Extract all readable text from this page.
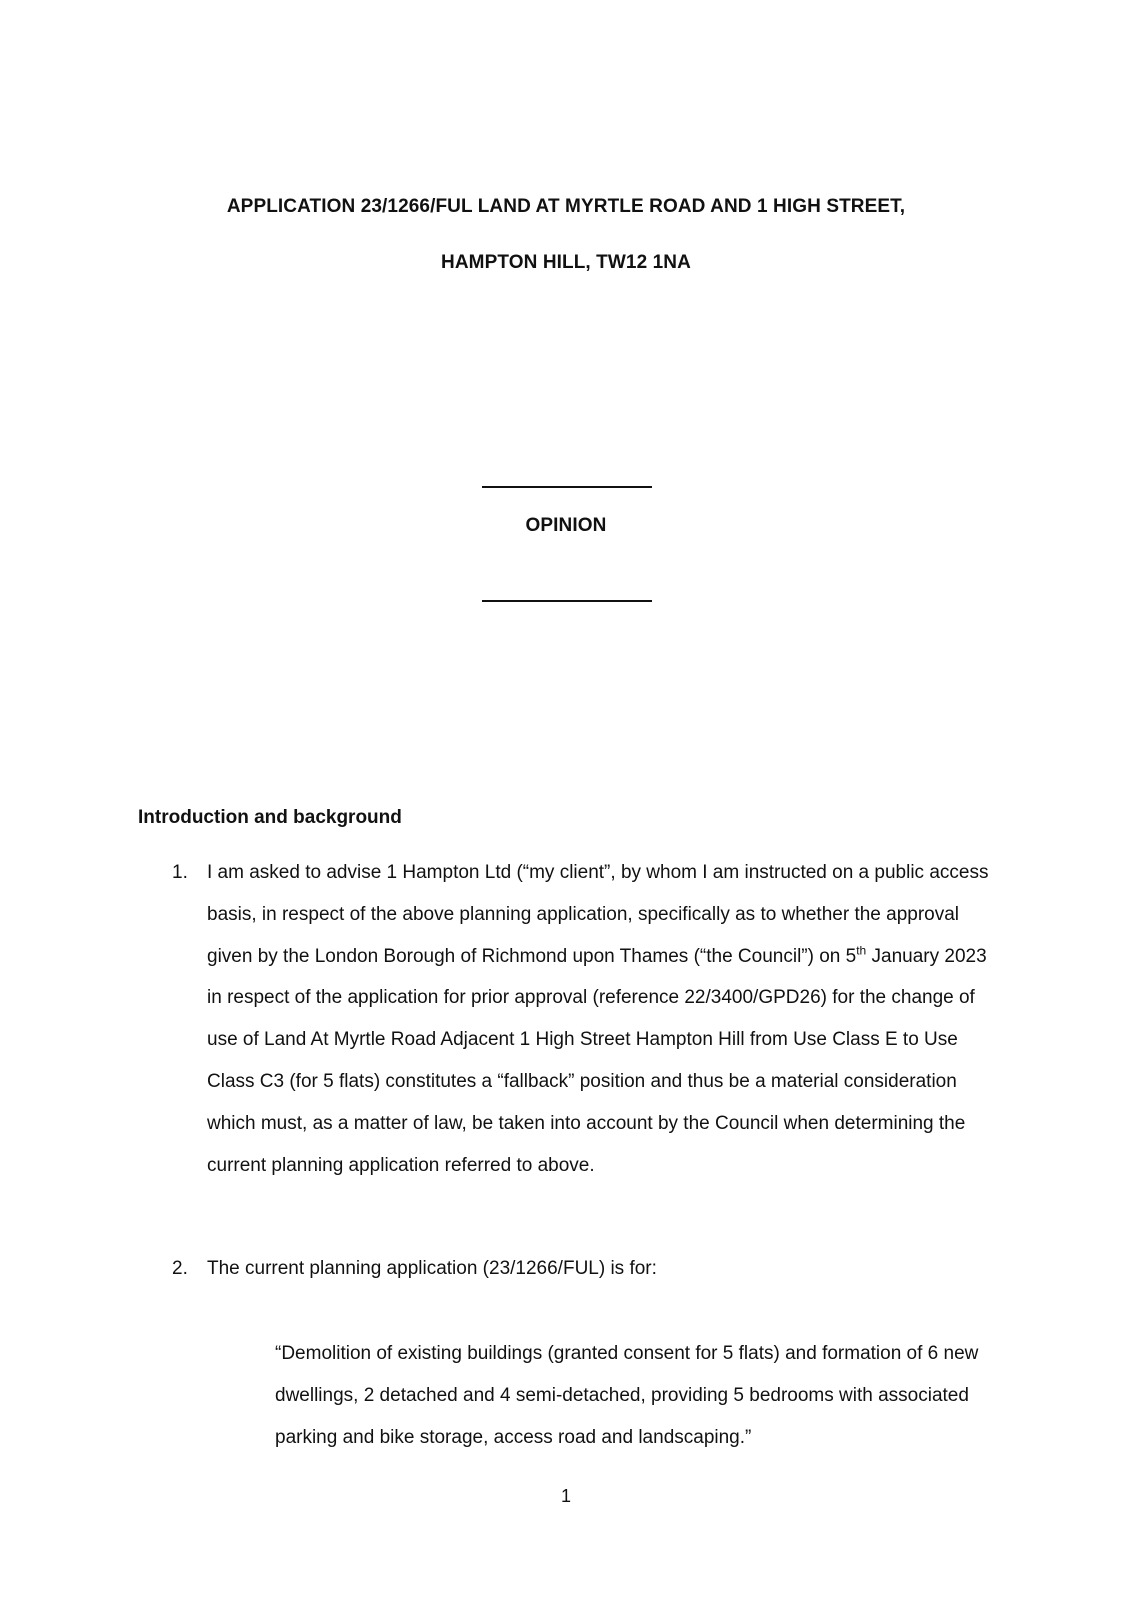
APPLICATION 23/1266/FUL LAND AT MYRTLE ROAD AND 1 HIGH STREET,
HAMPTON HILL, TW12 1NA
OPINION
Introduction and background
1. I am asked to advise 1 Hampton Ltd (“my client”, by whom I am instructed on a public access basis, in respect of the above planning application, specifically as to whether the approval given by the London Borough of Richmond upon Thames (“the Council”) on 5th January 2023 in respect of the application for prior approval (reference 22/3400/GPD26) for the change of use of Land At Myrtle Road Adjacent 1 High Street Hampton Hill from Use Class E to Use Class C3 (for 5 flats) constitutes a “fallback” position and thus be a material consideration which must, as a matter of law, be taken into account by the Council when determining the current planning application referred to above.
2. The current planning application (23/1266/FUL) is for:
“Demolition of existing buildings (granted consent for 5 flats) and formation of 6 new dwellings, 2 detached and 4 semi-detached, providing 5 bedrooms with associated parking and bike storage, access road and landscaping.”
1
